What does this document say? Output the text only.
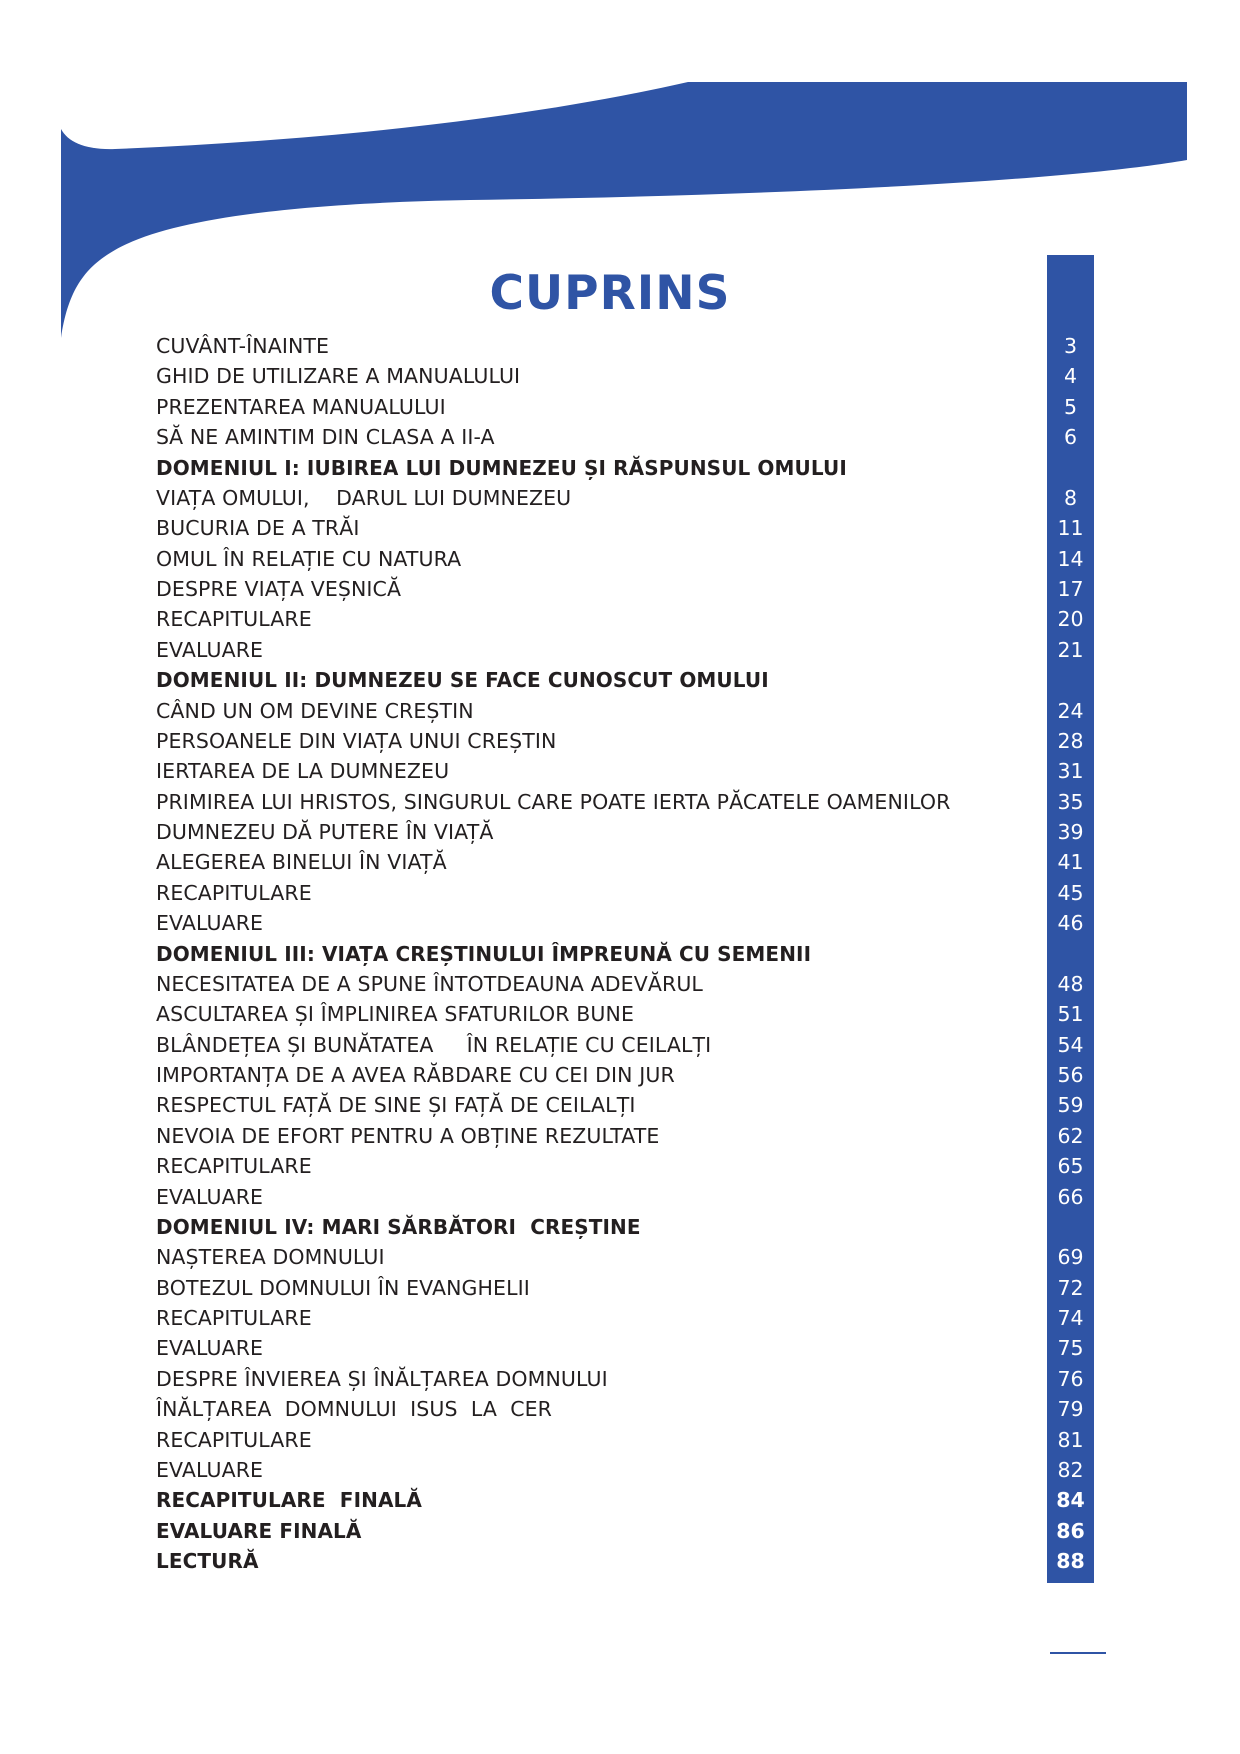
CUPRINS
CUVÂNT-ÎNAINTE	3
GHID DE UTILIZARE A MANUALULUI	4
PREZENTAREA MANUALULUI	5
SĂ NE AMINTIM DIN CLASA A II-A	6
DOMENIUL I: IUBIREA LUI DUMNEZEU ȘI RĂSPUNSUL OMULUI
VIAȚA OMULUI,    DARUL LUI DUMNEZEU	8
BUCURIA DE A TRĂI	11
OMUL ÎN RELAȚIE CU NATURA	14
DESPRE VIAȚA VEȘNICĂ	17
RECAPITULARE	20
EVALUARE	21
DOMENIUL II: DUMNEZEU SE FACE CUNOSCUT OMULUI
CÂND UN OM DEVINE CREȘTIN	24
PERSOANELE DIN VIAȚA UNUI CREȘTIN	28
IERTAREA DE LA DUMNEZEU	31
PRIMIREA LUI HRISTOS, SINGURUL CARE POATE IERTA PĂCATELE OAMENILOR	35
DUMNEZEU DĂ PUTERE ÎN VIAȚĂ	39
ALEGEREA BINELUI ÎN VIAȚĂ	41
RECAPITULARE	45
EVALUARE	46
DOMENIUL III: VIAȚA CREȘTINULUI ÎMPREUNĂ CU SEMENII
NECESITATEA DE A SPUNE ÎNTOTDEAUNA ADEVĂRUL	48
ASCULTAREA ȘI ÎMPLINIREA SFATURILOR BUNE	51
BLÂNDEȚEA ȘI BUNĂTATEA     ÎN RELAȚIE CU CEILALȚI	54
IMPORTANȚA DE A AVEA RĂBDARE CU CEI DIN JUR	56
RESPECTUL FAȚĂ DE SINE ȘI FAȚĂ DE CEILALȚI	59
NEVOIA DE EFORT PENTRU A OBȚINE REZULTATE	62
RECAPITULARE	65
EVALUARE	66
DOMENIUL IV: MARI SĂRBĂTORI  CREȘTINE
NAȘTEREA DOMNULUI	69
BOTEZUL DOMNULUI ÎN EVANGHELII	72
RECAPITULARE	74
EVALUARE	75
DESPRE ÎNVIEREA ȘI ÎNĂLȚAREA DOMNULUI	76
ÎNĂLȚAREA  DOMNULUI  ISUS  LA  CER	79
RECAPITULARE	81
EVALUARE	82
RECAPITULARE  FINALĂ	84
EVALUARE FINALĂ	86
LECTURĂ	88
